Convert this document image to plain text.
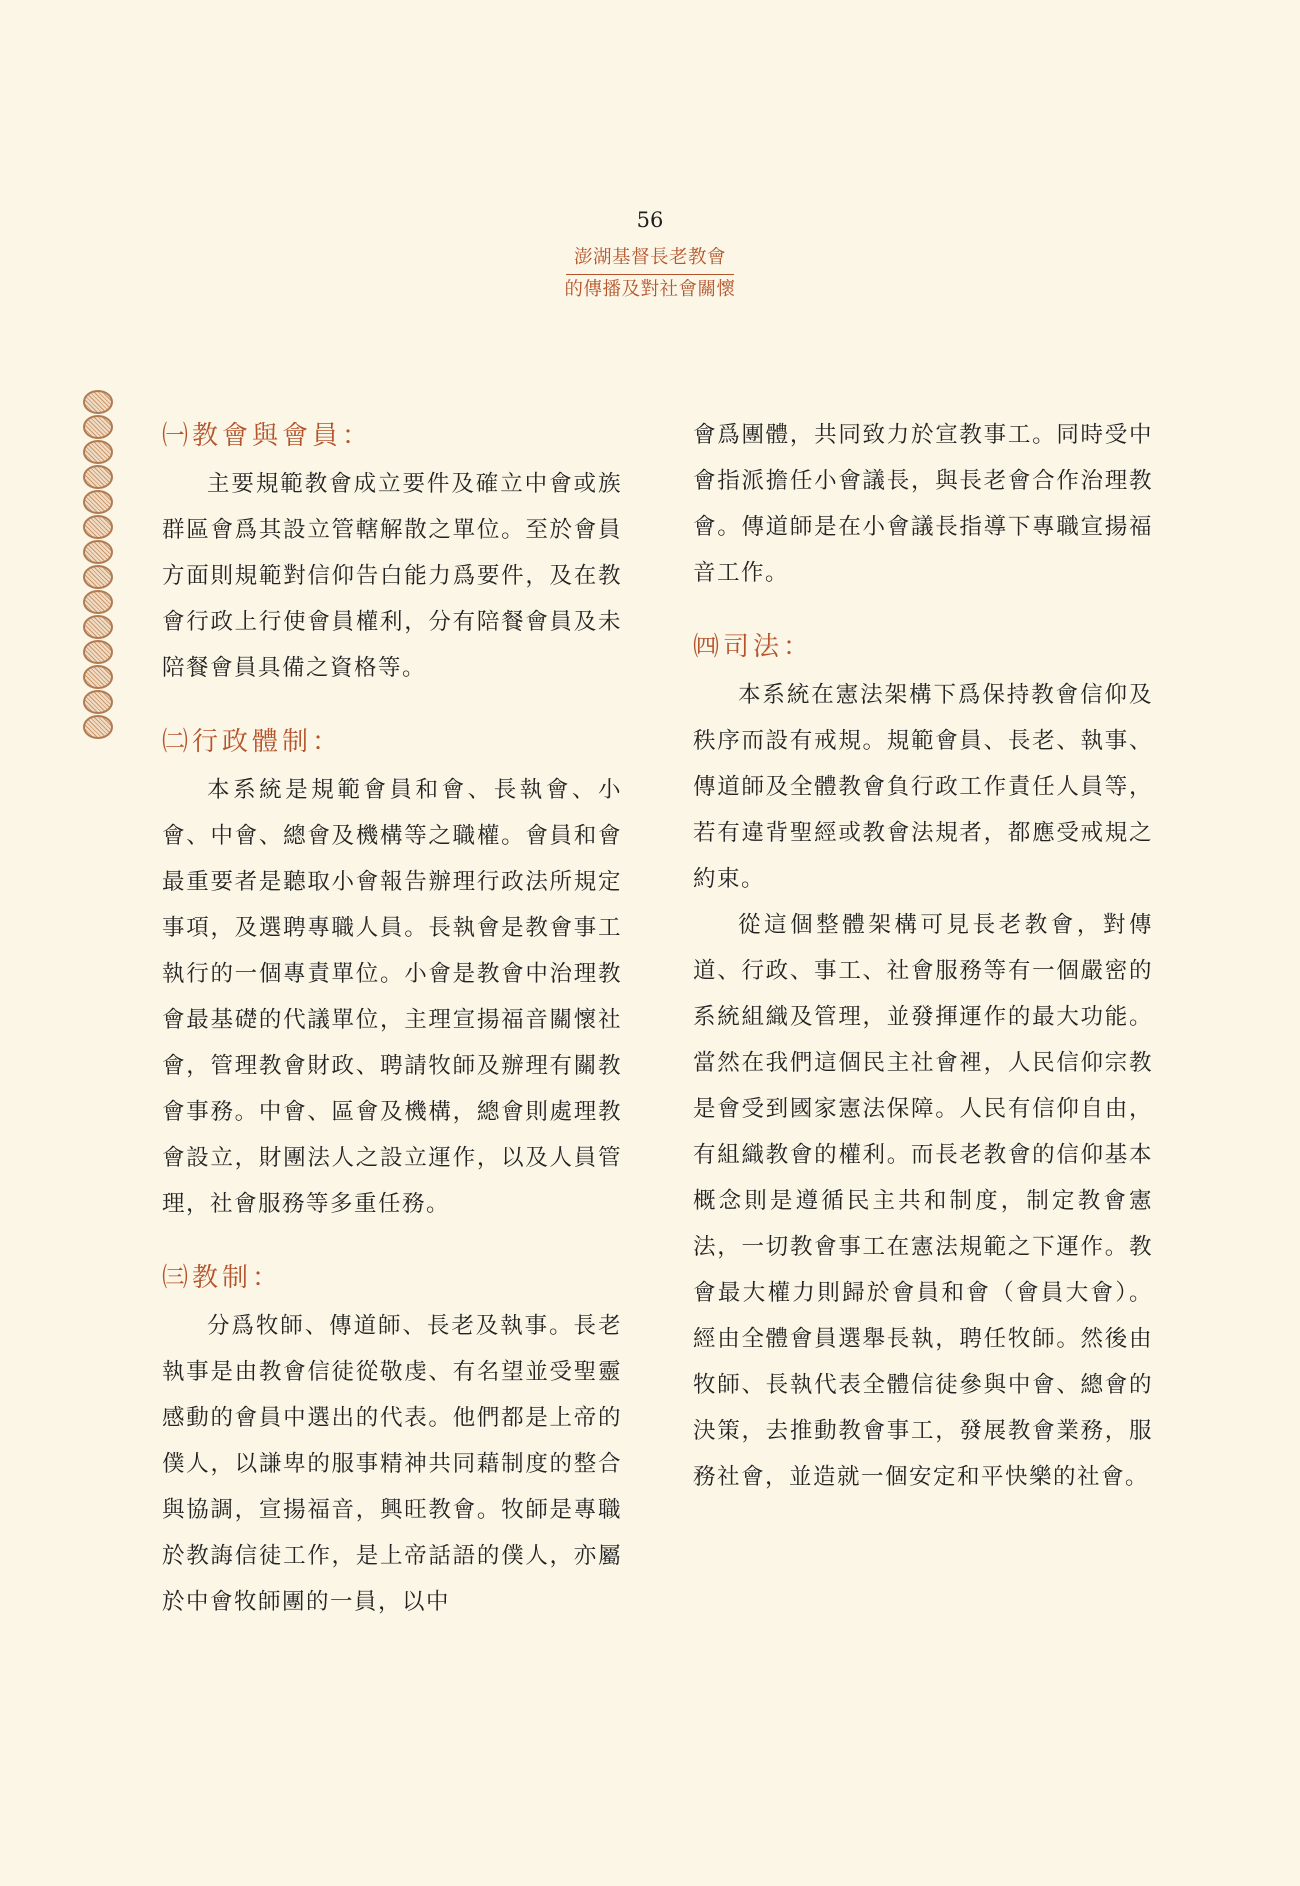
56
澎湖基督長老教會
的傳播及對社會關懷
㈠教會與會員：

主要規範教會成立要件及確立中會或族群區會爲其設立管轄解散之單位。至於會員方面則規範對信仰告白能力爲要件，及在教會行政上行使會員權利，分有陪餐會員及未陪餐會員具備之資格等。

㈡行政體制：

本系統是規範會員和會、長執會、小會、中會、總會及機構等之職權。會員和會最重要者是聽取小會報告辦理行政法所規定事項，及選聘專職人員。長執會是教會事工執行的一個專責單位。小會是教會中治理教會最基礎的代議單位，主理宣揚福音關懷社會，管理教會財政、聘請牧師及辦理有關教會事務。中會、區會及機構，總會則處理教會設立，財團法人之設立運作，以及人員管理，社會服務等多重任務。

㈢教制：

分爲牧師、傳道師、長老及執事。長老執事是由教會信徒從敬虔、有名望並受聖靈感動的會員中選出的代表。他們都是上帝的僕人，以謙卑的服事精神共同藉制度的整合與協調，宣揚福音，興旺教會。牧師是專職於教誨信徒工作，是上帝話語的僕人，亦屬於中會牧師團的一員，以中

會爲團體，共同致力於宣教事工。同時受中會指派擔任小會議長，與長老會合作治理教會。傳道師是在小會議長指導下專職宣揚福音工作。

㈣司法：

本系統在憲法架構下爲保持教會信仰及秩序而設有戒規。規範會員、長老、執事、傳道師及全體教會負行政工作責任人員等，若有違背聖經或教會法規者，都應受戒規之約束。

從這個整體架構可見長老教會，對傳道、行政、事工、社會服務等有一個嚴密的系統組織及管理，並發揮運作的最大功能。當然在我們這個民主社會裡，人民信仰宗教是會受到國家憲法保障。人民有信仰自由，有組織教會的權利。而長老教會的信仰基本概念則是遵循民主共和制度，制定教會憲法，一切教會事工在憲法規範之下運作。教會最大權力則歸於會員和會（會員大會）。經由全體會員選舉長執，聘任牧師。然後由牧師、長執代表全體信徒參與中會、總會的決策，去推動教會事工，發展教會業務，服務社會，並造就一個安定和平快樂的社會。
